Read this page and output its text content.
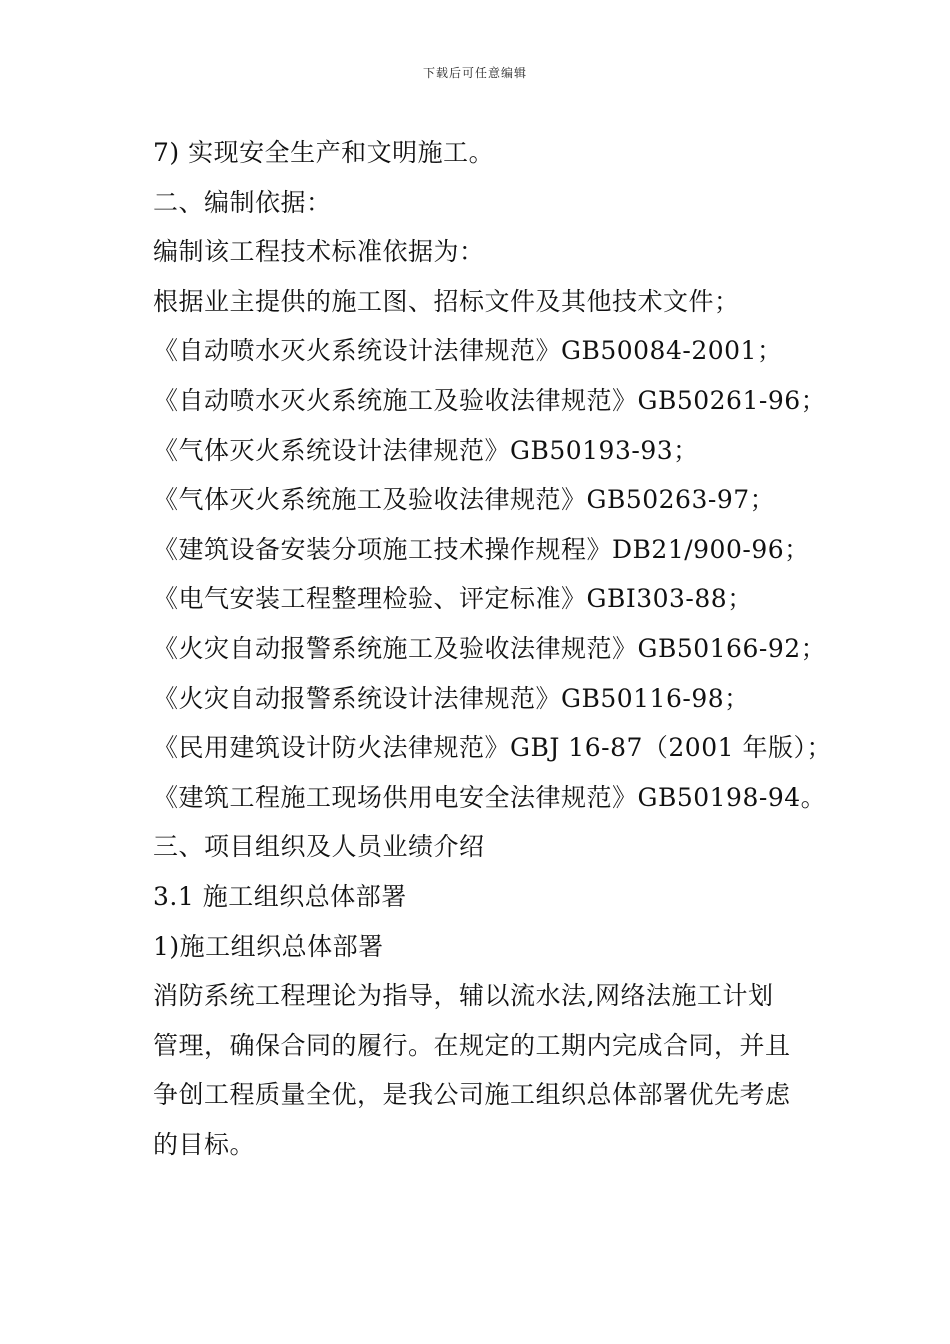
下载后可任意编辑
7) 实现安全生产和文明施工。
二、编制依据：
编制该工程技术标准依据为：
根据业主提供的施工图、招标文件及其他技术文件；
《自动喷水灭火系统设计法律规范》GB50084-2001；
《自动喷水灭火系统施工及验收法律规范》GB50261-96；
《气体灭火系统设计法律规范》GB50193-93；
《气体灭火系统施工及验收法律规范》GB50263-97；
《建筑设备安装分项施工技术操作规程》DB21/900-96；
《电气安装工程整理检验、评定标准》GBI303-88；
《火灾自动报警系统施工及验收法律规范》GB50166-92；
《火灾自动报警系统设计法律规范》GB50116-98；
《民用建筑设计防火法律规范》GBJ 16-87（2001 年版）；
《建筑工程施工现场供用电安全法律规范》GB50198-94。
三、项目组织及人员业绩介绍
3.1 施工组织总体部署
1)施工组织总体部署
消防系统工程理论为指导，辅以流水法,网络法施工计划
管理，确保合同的履行。在规定的工期内完成合同，并且
争创工程质量全优，是我公司施工组织总体部署优先考虑
的目标。
